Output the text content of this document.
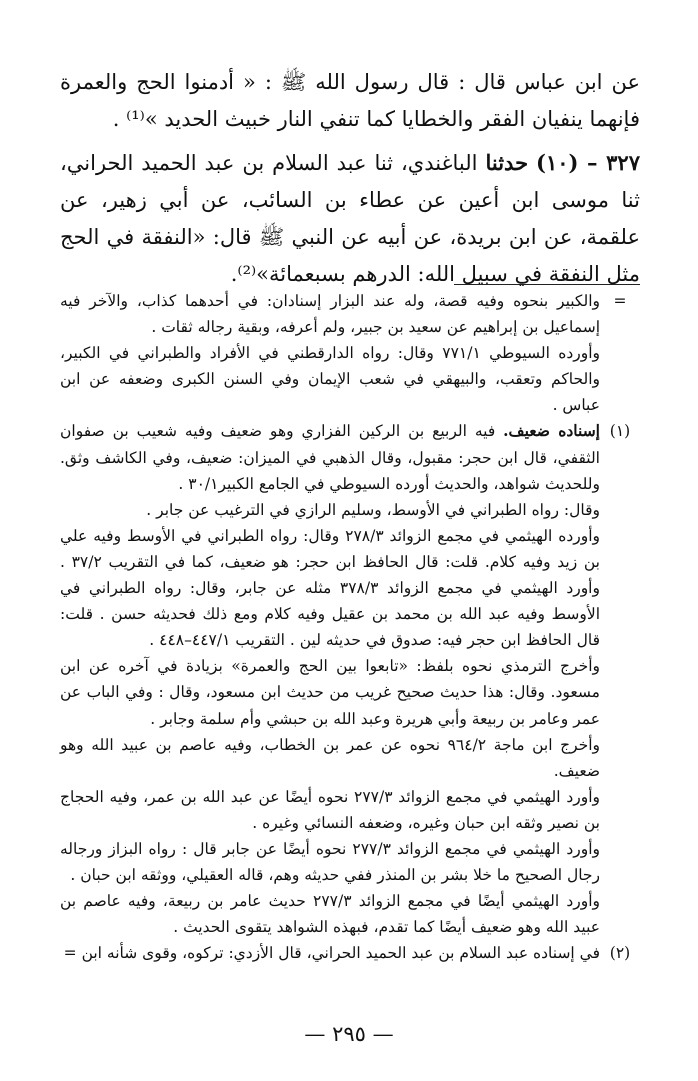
عن ابن عباس قال : قال رسول الله ﷺ : « أدمنوا الحج والعمرة فإنهما ينفيان الفقر والخطايا كما تنفي النار خبيث الحديد »⁽¹⁾ .

٣٢٧ – (١٠) حدثنا الباغندي، ثنا عبد السلام بن عبد الحميد الحراني، ثنا موسى ابن أعين عن عطاء بن السائب، عن أبي زهير، عن علقمة، عن ابن بريدة، عن أبيه عن النبي ﷺ قال: «النفقة في الحج مثل النفقة في سبيل الله: الدرهم بسبعمائة»⁽²⁾.

=

والكبير بنحوه وفيه قصة، وله عند البزار إسنادان: في أحدهما كذاب، والآخر فيه إسماعيل بن إبراهيم عن سعيد بن جبير، ولم أعرفه، وبقية رجاله ثقات .

وأورده السيوطي ٧٧١/١ وقال: رواه الدارقطني في الأفراد والطبراني في الكبير، والحاكم وتعقب، والبيهقي في شعب الإيمان وفي السنن الكبرى وضعفه عن ابن عباس .

(١)

إسناده ضعيف. فيه الربيع بن الركين الفزاري وهو ضعيف وفيه شعيب بن صفوان الثقفي، قال ابن حجر: مقبول، وقال الذهبي في الميزان: ضعيف، وفي الكاشف وثق. وللحديث شواهد، والحديث أورده السيوطي في الجامع الكبير٣٠/١ .

وقال: رواه الطبراني في الأوسط، وسليم الرازي في الترغيب عن جابر .

وأورده الهيثمي في مجمع الزوائد ٢٧٨/٣ وقال: رواه الطبراني في الأوسط وفيه علي بن زيد وفيه كلام. قلت: قال الحافظ ابن حجر: هو ضعيف، كما في التقريب ٣٧/٢ . وأورد الهيثمي في مجمع الزوائد ٣٧٨/٣ مثله عن جابر، وقال: رواه الطبراني في الأوسط وفيه عبد الله بن محمد بن عقيل وفيه كلام ومع ذلك فحديثه حسن . قلت: قال الحافظ ابن حجر فيه: صدوق في حديثه لين . التقريب ٤٤٧/١–٤٤٨ .

وأخرج الترمذي نحوه بلفظ: «تابعوا بين الحج والعمرة» بزيادة في آخره عن ابن مسعود. وقال: هذا حديث صحيح غريب من حديث ابن مسعود، وقال : وفي الباب عن عمر وعامر بن ربيعة وأبي هريرة وعبد الله بن حبشي وأم سلمة وجابر .

وأخرج ابن ماجة ٩٦٤/٢ نحوه عن عمر بن الخطاب، وفيه عاصم بن عبيد الله وهو ضعيف.

وأورد الهيثمي في مجمع الزوائد ٢٧٧/٣ نحوه أيضًا عن عبد الله بن عمر، وفيه الحجاج بن نصير وثقه ابن حبان وغيره، وضعفه النسائي وغيره .

وأورد الهيثمي في مجمع الزوائد ٢٧٧/٣ نحوه أيضًا عن جابر قال : رواه البزاز ورجاله رجال الصحيح ما خلا بشر بن المنذر ففي حديثه وهم، قاله العقيلي، ووثقه ابن حبان .

وأورد الهيثمي أيضًا في مجمع الزوائد ٢٧٧/٣ حديث عامر بن ربيعة، وفيه عاصم بن عبيد الله وهو ضعيف أيضًا كما تقدم، فبهذه الشواهد يتقوى الحديث .

(٢)

في إسناده عبد السلام بن عبد الحميد الحراني، قال الأزدي: تركوه، وقوى شأنه ابن =

— ٢٩٥ —
